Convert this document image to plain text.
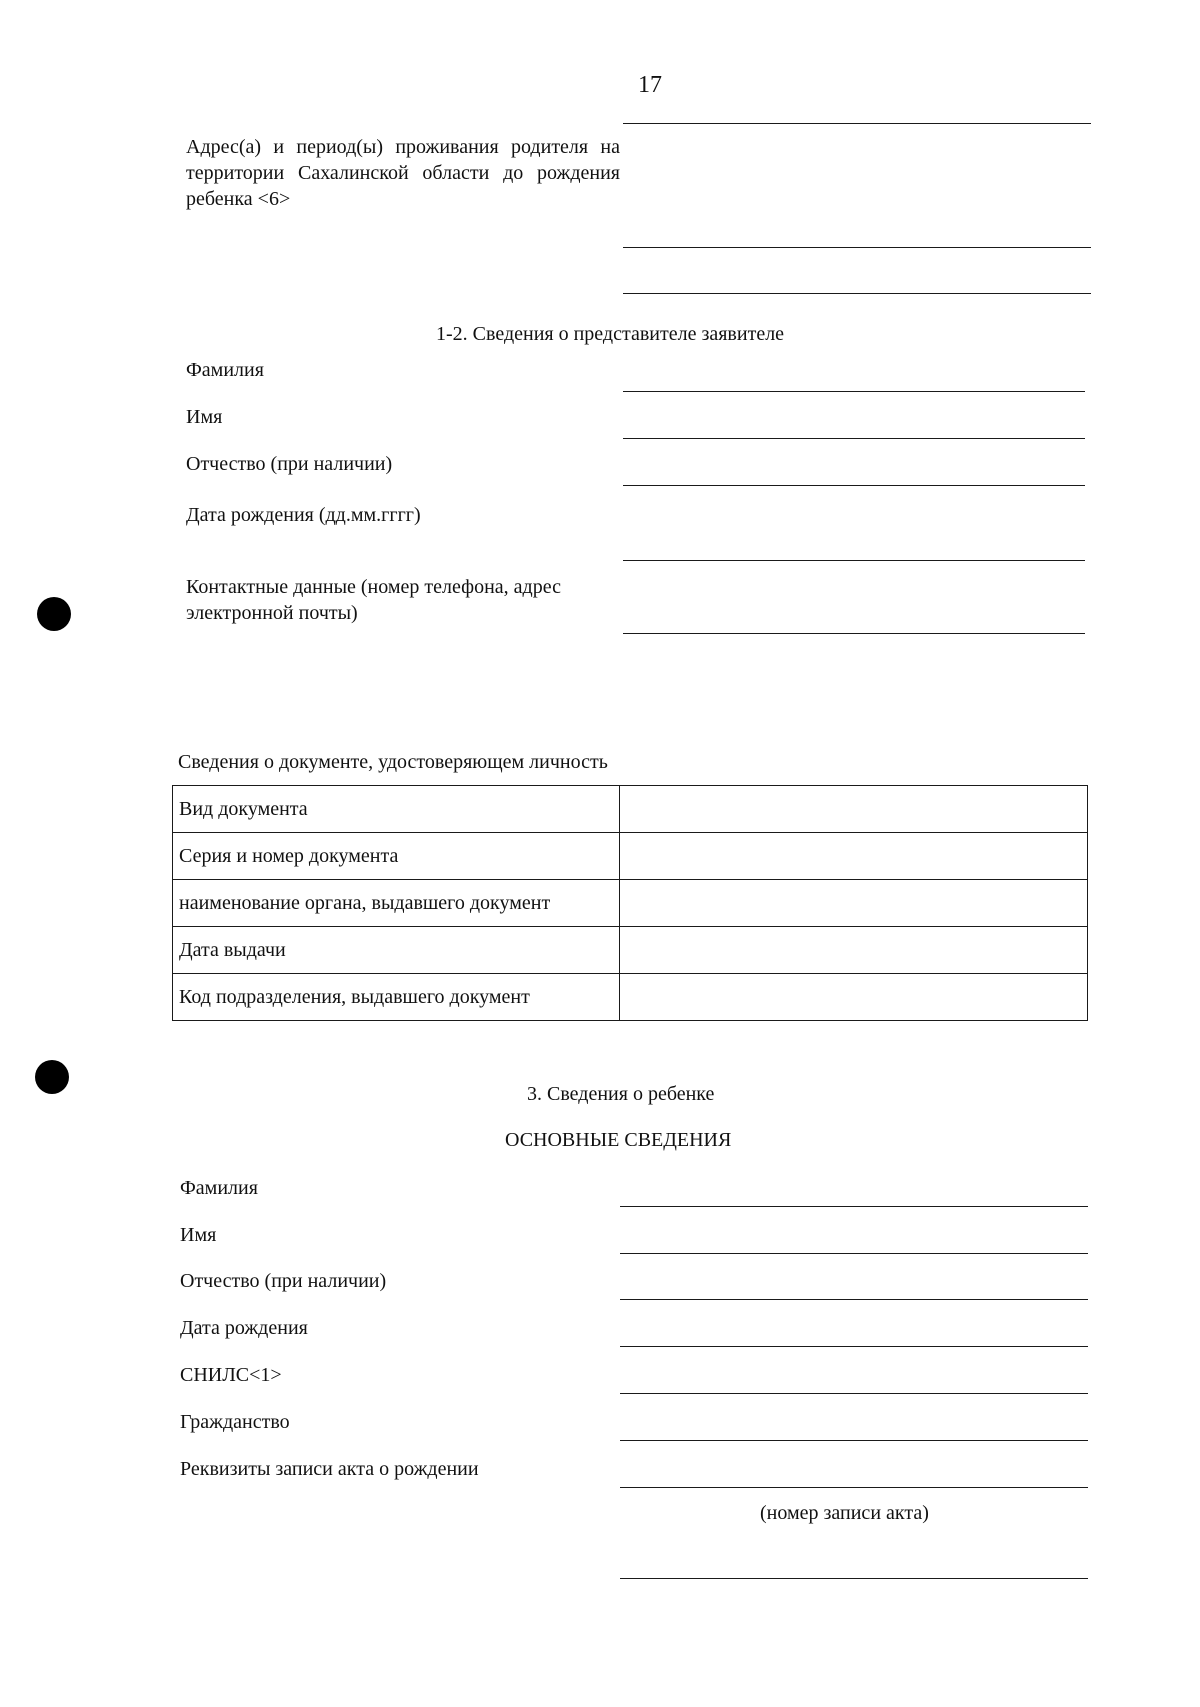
17
Адрес(а) и период(ы) проживания родителя на территории Сахалинской области до рождения ребенка <6>
1-2. Сведения о представителе заявителе
Фамилия
Имя
Отчество (при наличии)
Дата рождения (дд.мм.гггг)
Контактные данные (номер телефона, адрес
электронной почты)
Сведения о документе, удостоверяющем личность
Вид документа	
Серия и номер документа	
наименование органа, выдавшего документ	
Дата выдачи	
Код подразделения, выдавшего документ	
3. Сведения о ребенке
ОСНОВНЫЕ СВЕДЕНИЯ
Фамилия
Имя
Отчество (при наличии)
Дата рождения
СНИЛС<1>
Гражданство
Реквизиты записи акта о рождении
(номер записи акта)
